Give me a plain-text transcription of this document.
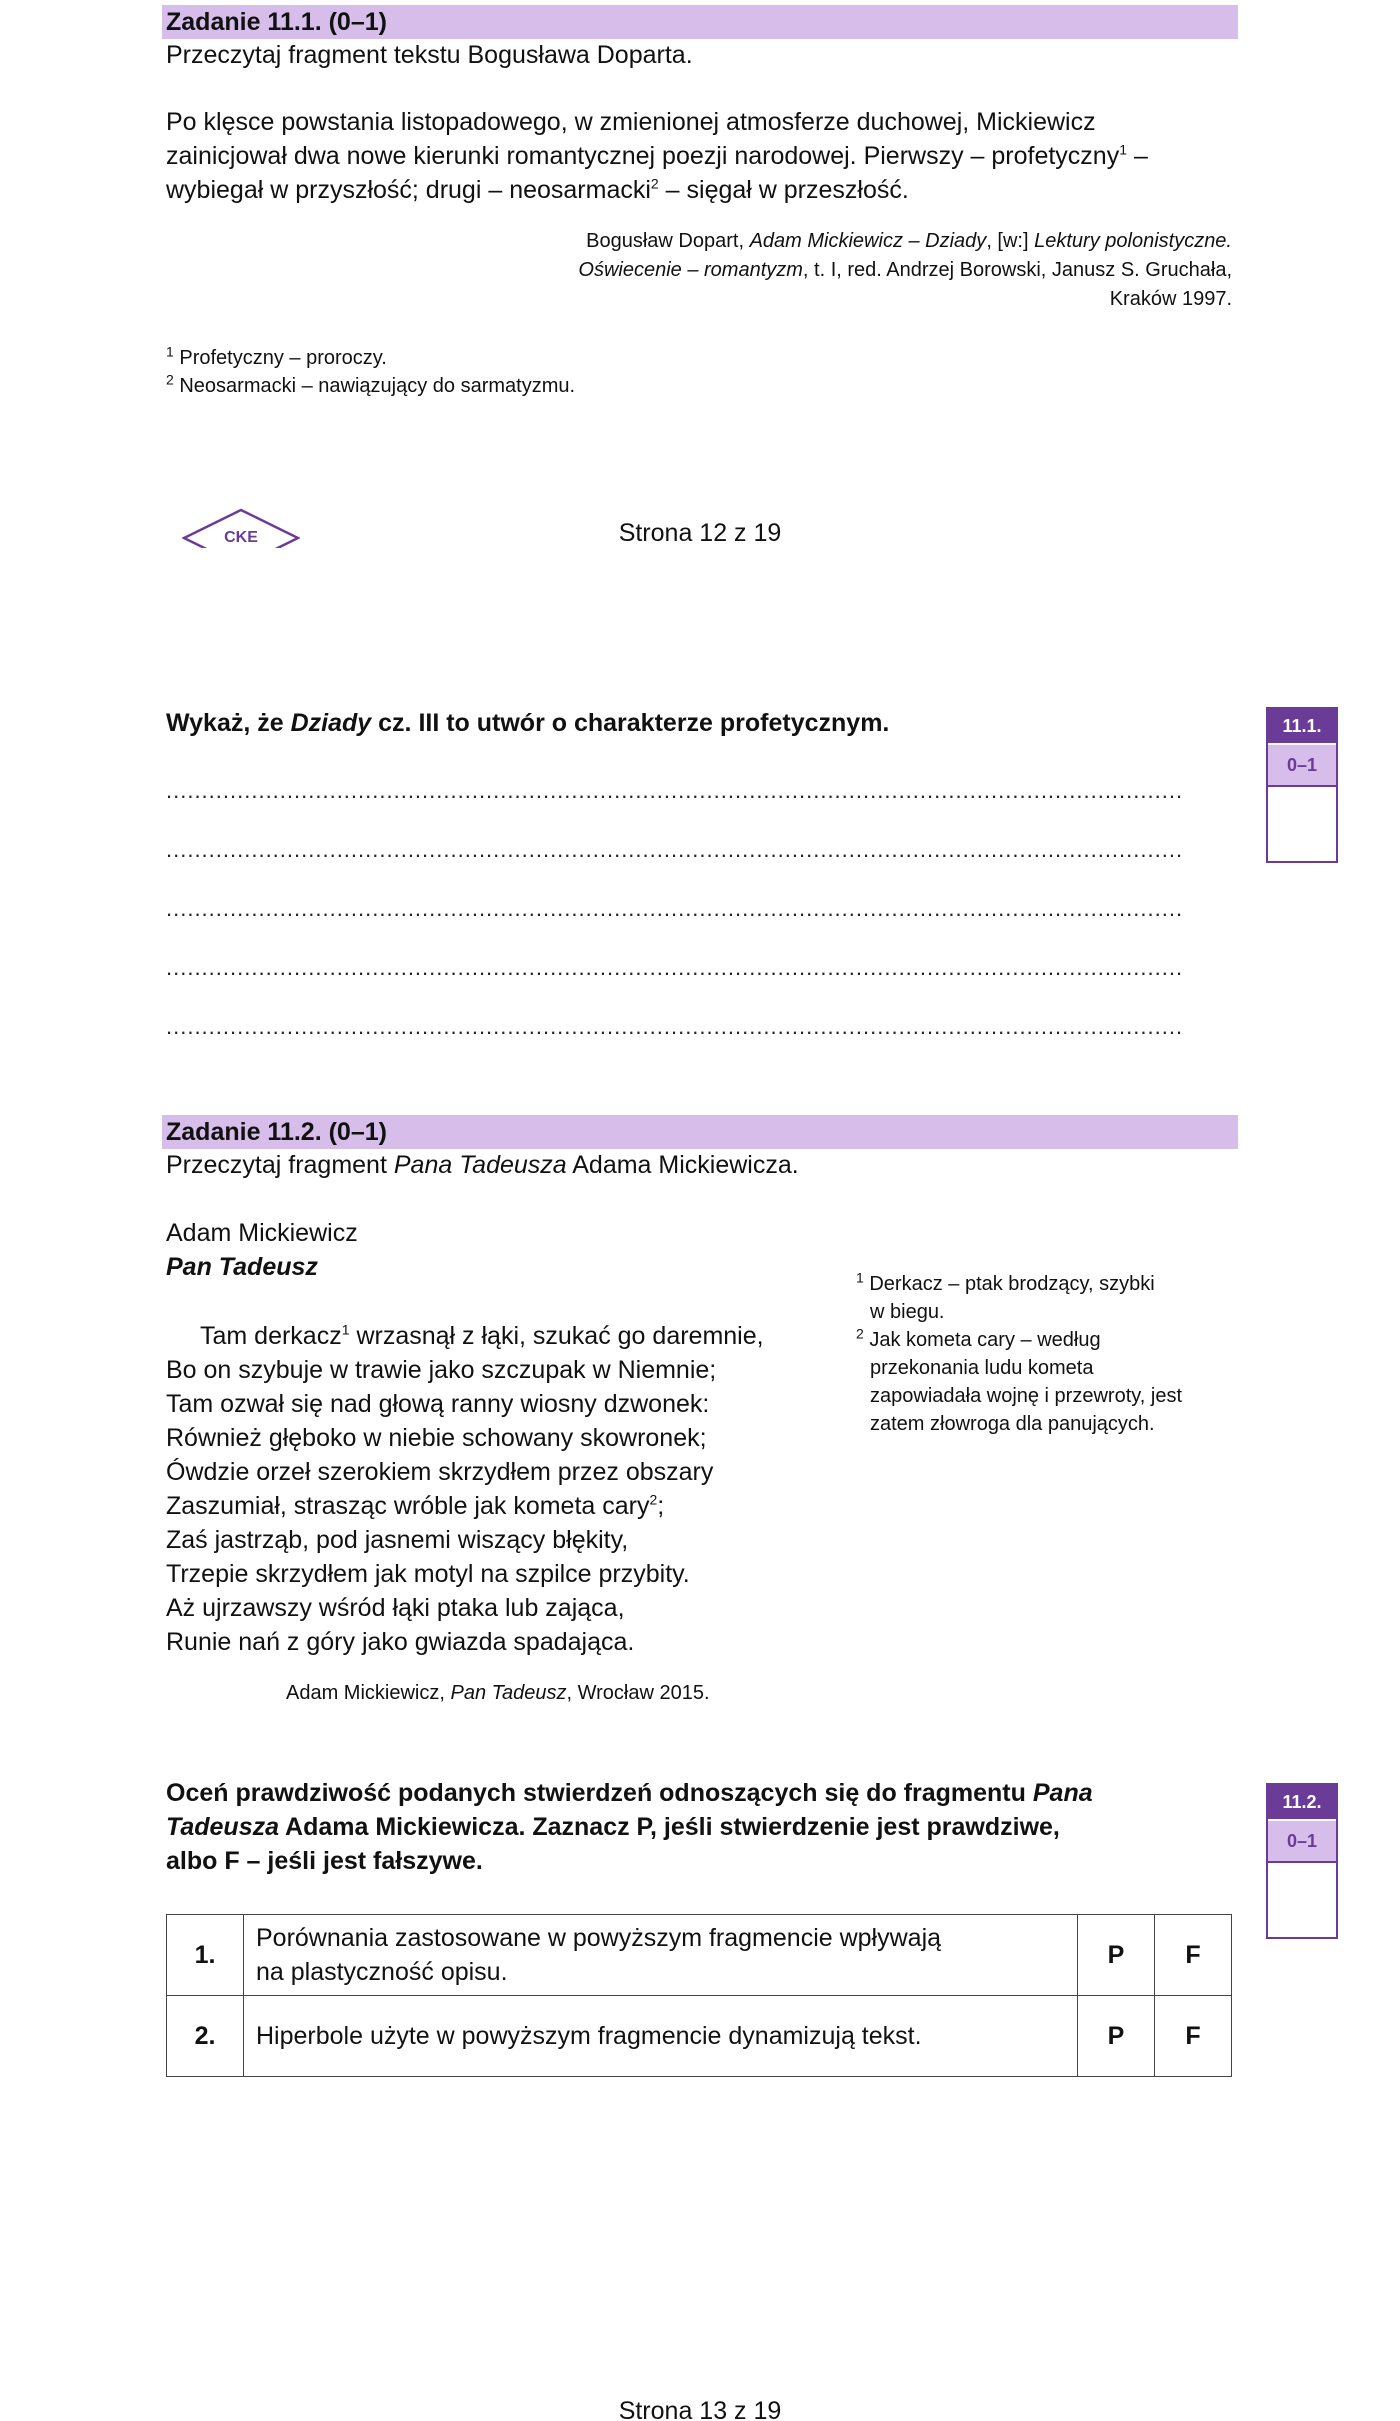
Zadanie 11.1. (0–1)
Przeczytaj fragment tekstu Bogusława Doparta.
Po klęsce powstania listopadowego, w zmienionej atmosferze duchowej, Mickiewicz
zainicjował dwa nowe kierunki romantycznej poezji narodowej. Pierwszy – profetyczny$^1$ –
wybiegał w przyszłość; drugi – neosarmacki$^2$ – sięgał w przeszłość.
Bogusław Dopart, Adam Mickiewicz – Dziady, [w:] Lektury polonistyczne.
Oświecenie – romantyzm, t. I, red. Andrzej Borowski, Janusz S. Gruchała,
Kraków 1997.
$^1$ Profetyczny – proroczy.
$^2$ Neosarmacki – nawiązujący do sarmatyzmu.
CKE	Strona 12 z 19
Wykaż, że Dziady cz. III to utwór o charakterze profetycznym.	11.1.
0–1
...............................................................................................................................................
...............................................................................................................................................
...............................................................................................................................................
...............................................................................................................................................
...............................................................................................................................................
Zadanie 11.2. (0–1)
Przeczytaj fragment Pana Tadeusza Adama Mickiewicza.
Adam Mickiewicz
Pan Tadeusz
Tam derkacz$^1$ wrzasnął z łąki, szukać go daremnie,
Bo on szybuje w trawie jako szczupak w Niemnie;
Tam ozwał się nad głową ranny wiosny dzwonek:
Również głęboko w niebie schowany skowronek;
Ówdzie orzeł szerokiem skrzydłem przez obszary
Zaszumiał, strasząc wróble jak kometa cary$^2$;
Zaś jastrząb, pod jasnemi wiszący błękity,
Trzepie skrzydłem jak motyl na szpilce przybity.
Aż ujrzawszy wśród łąki ptaka lub zająca,
Runie nań z góry jako gwiazda spadająca.
Adam Mickiewicz, Pan Tadeusz, Wrocław 2015.
$^1$ Derkacz – ptak brodzący, szybki
w biegu.
$^2$ Jak kometa cary – według
przekonania ludu kometa
zapowiadała wojnę i przewroty, jest
zatem złowroga dla panujących.
Oceń prawdziwość podanych stwierdzeń odnoszących się do fragmentu Pana
Tadeusza Adama Mickiewicza. Zaznacz P, jeśli stwierdzenie jest prawdziwe,
albo F – jeśli jest fałszywe.
11.2.
0–1
1.	Porównania zastosowane w powyższym fragmencie wpływają
na plastyczność opisu.	P	F
2.	Hiperbole użyte w powyższym fragmencie dynamizują tekst.	P	F
Strona 13 z 19
